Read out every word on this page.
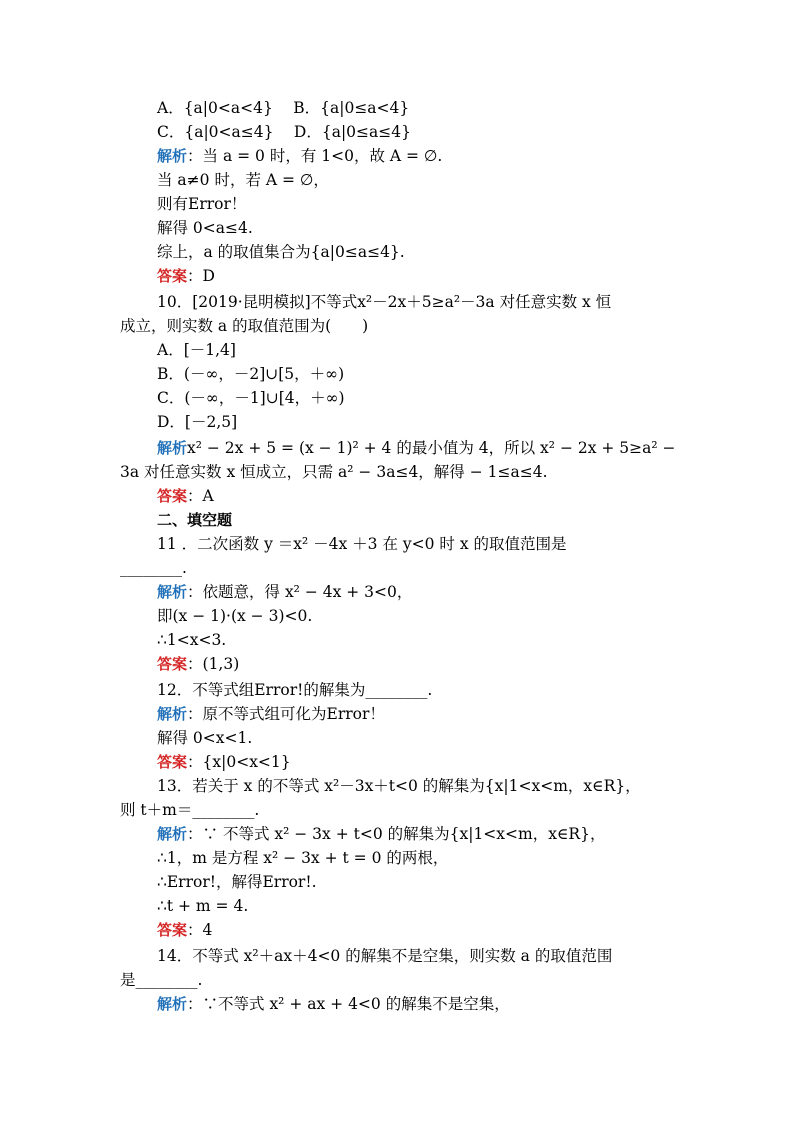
A．{a|0<a<4}　 B．{a|0≤a<4}
C．{a|0<a≤4}　 D．{a|0≤a≤4}
解析：当 a = 0 时，有 1<0，故 A = ∅.
当 a≠0 时，若 A = ∅，
则有Error！
解得 0<a≤4.
综上，a 的取值集合为{a|0≤a≤4}.
答案：D
10．[2019·昆明模拟]不等式x²－2x＋5≥a²－3a 对任意实数 x 恒
成立，则实数 a 的取值范围为(　　)
A．[－1,4]
B．(－∞，－2]∪[5，＋∞)
C．(－∞，－1]∪[4，＋∞)
D．[－2,5]
解析x² − 2x + 5 = (x − 1)² + 4 的最小值为 4，所以 x² − 2x + 5≥a² −
3a 对任意实数 x 恒成立，只需 a² − 3a≤4，解得 − 1≤a≤4.
答案：A
二、填空题
11 ．二次函数 y ＝x² －4x ＋3 在 y<0 时 x 的取值范围是
________.
解析：依题意，得 x² − 4x + 3<0，
即(x − 1)·(x − 3)<0.
∴1<x<3.
答案：(1,3)
12．不等式组Error!的解集为________.
解析：原不等式组可化为Error！
解得 0<x<1.
答案：{x|0<x<1}
13．若关于 x 的不等式 x²－3x＋t<0 的解集为{x|1<x<m，x∈R}，
则 t＋m＝________.
解析：∵ 不等式 x² − 3x + t<0 的解集为{x|1<x<m，x∈R}，
∴1，m 是方程 x² − 3x + t = 0 的两根，
∴Error!，解得Error!.
∴t + m = 4.
答案：4
14．不等式 x²＋ax＋4<0 的解集不是空集，则实数 a 的取值范围
是________.
解析：∵不等式 x² + ax + 4<0 的解集不是空集，
